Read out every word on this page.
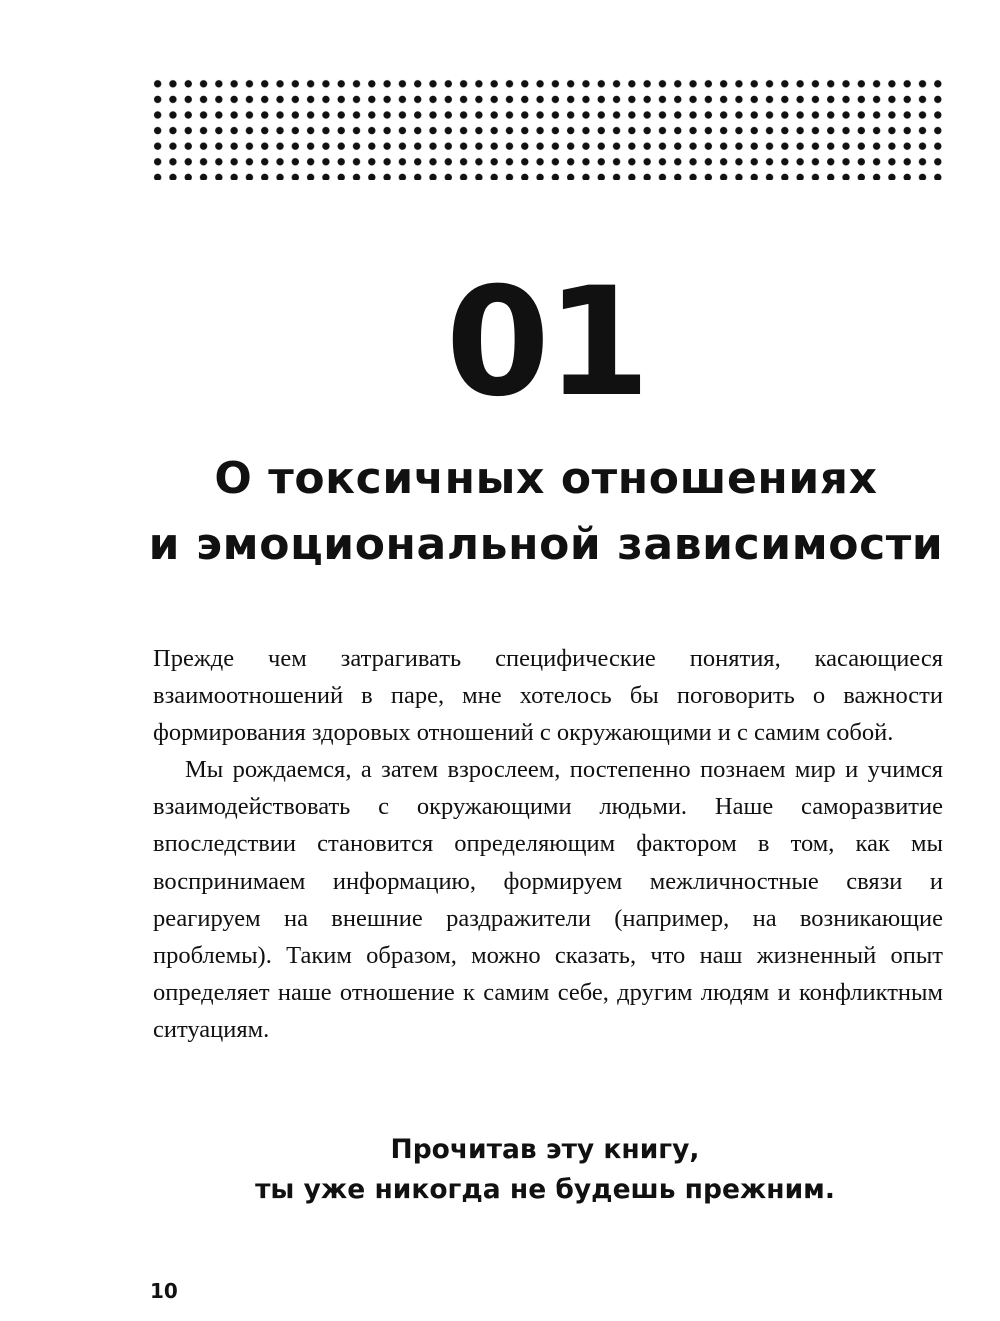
01
О токсичных отношениях
и эмоциональной зависимости

Прежде чем затрагивать специфические понятия, касающиеся взаимоотношений в паре, мне хотелось бы поговорить о важности формирования здоровых отношений с окружающими и с самим собой.

Мы рождаемся, а затем взрослеем, постепенно познаем мир и учимся взаимодействовать с окружающими людьми. Наше саморазвитие впоследствии становится определяющим фактором в том, как мы воспринимаем информацию, формируем межличностные связи и реагируем на внешние раздражители (например, на возникающие проблемы). Таким образом, можно сказать, что наш жизненный опыт определяет наше отношение к самим себе, другим людям и конфликтным ситуациям.

Прочитав эту книгу,
ты уже никогда не будешь прежним.
10
